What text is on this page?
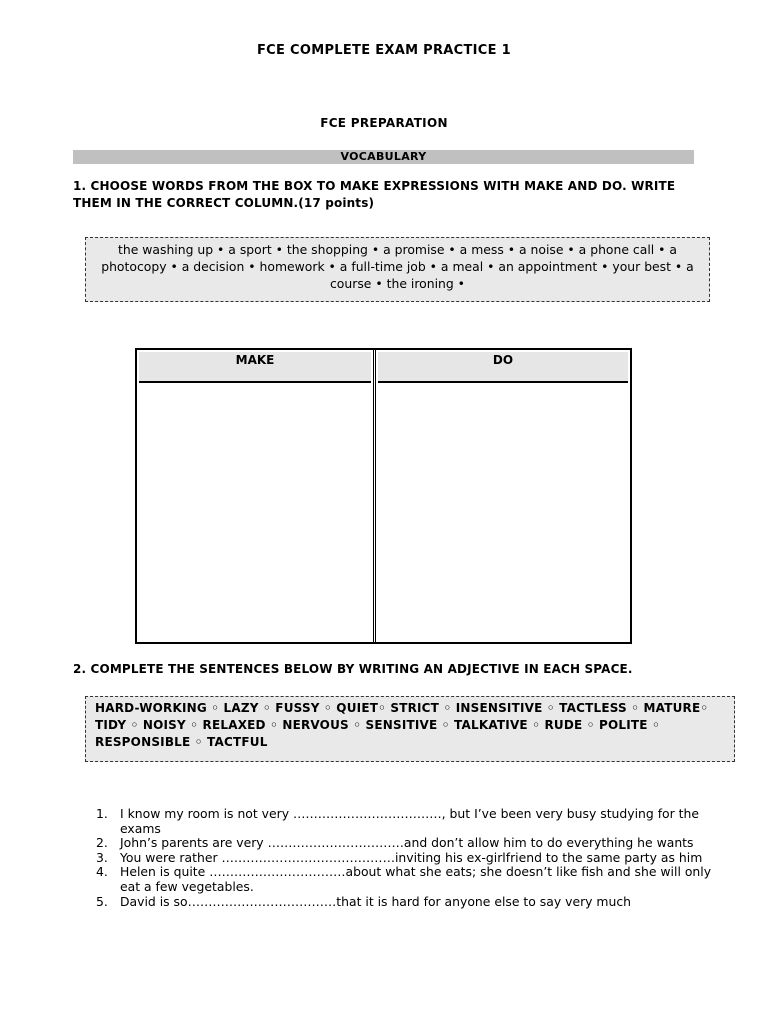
FCE COMPLETE EXAM PRACTICE 1
FCE PREPARATION
VOCABULARY
1. CHOOSE WORDS FROM THE BOX TO MAKE EXPRESSIONS WITH MAKE AND DO. WRITE THEM IN THE CORRECT COLUMN.(17 points)

the washing up • a sport • the shopping • a promise • a mess • a noise • a phone call • a photocopy • a decision • homework • a full-time job • a meal • an appointment • your best • a course • the ironing •

MAKE	DO
2. COMPLETE THE SENTENCES BELOW BY WRITING AN ADJECTIVE IN EACH SPACE.

HARD-WORKING ◦ LAZY ◦ FUSSY ◦ QUIET◦ STRICT ◦ INSENSITIVE ◦ TACTLESS ◦ MATURE◦ TIDY ◦ NOISY ◦ RELAXED ◦ NERVOUS ◦ SENSITIVE ◦ TALKATIVE ◦ RUDE ◦ POLITE ◦ RESPONSIBLE ◦ TACTFUL

1. I know my room is not very ………………………………, but I’ve been very busy studying for the exams
2. John’s parents are very ……………………………and don’t allow him to do everything he wants
3. You were rather ……………………………………inviting his ex-girlfriend to the same party as him
4. Helen is quite ……………………………about what she eats; she doesn’t like fish and she will only eat a few vegetables.
5. David is so………………………………that it is hard for anyone else to say very much
